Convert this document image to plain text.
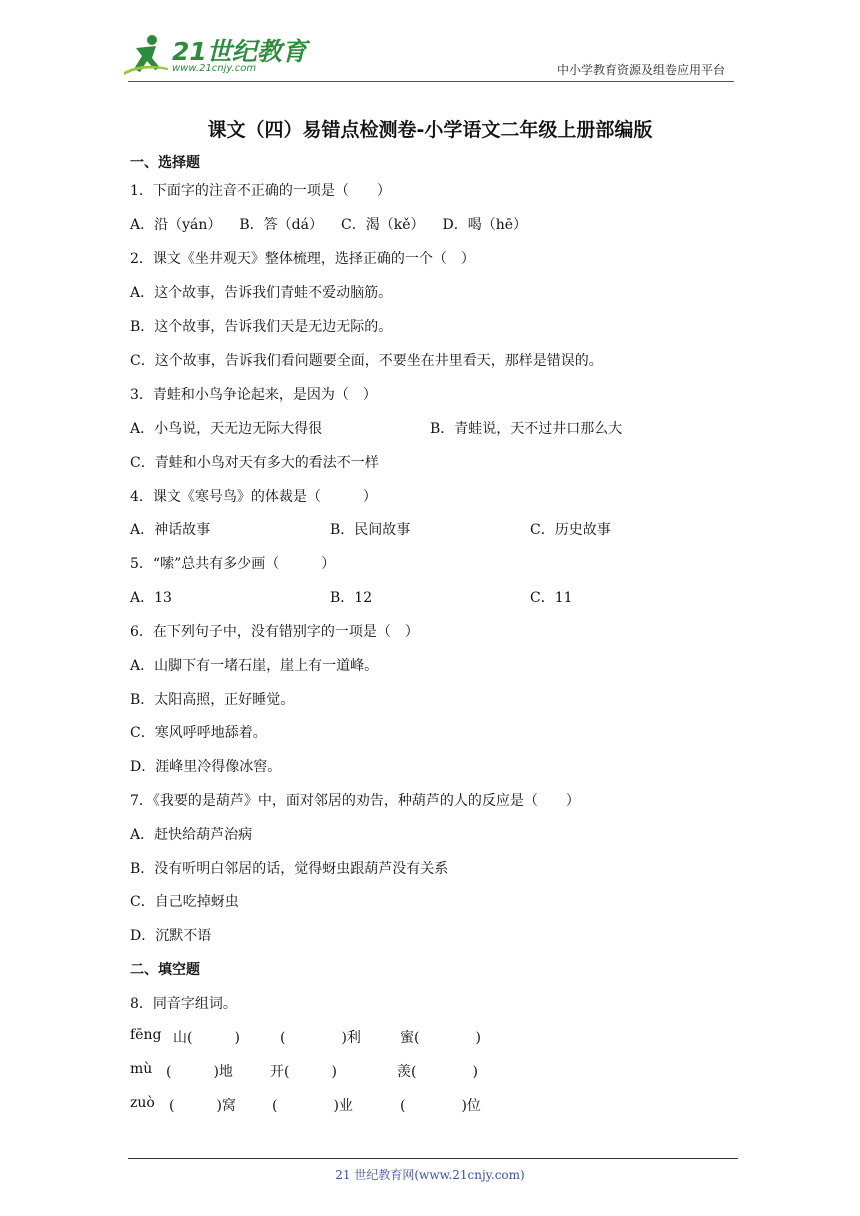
21世纪教育
www.21cnjy.com	中小学教育资源及组卷应用平台
课文（四）易错点检测卷-小学语文二年级上册部编版
一、选择题
1．下面字的注音不正确的一项是（　　）
A．沿（yán） B．答（dá） C．渴（kě） D．喝（hē）
2．课文《坐井观天》整体梳理，选择正确的一个（　）
A．这个故事，告诉我们青蛙不爱动脑筋。
B．这个故事，告诉我们天是无边无际的。
C．这个故事，告诉我们看问题要全面，不要坐在井里看天，那样是错误的。
3．青蛙和小鸟争论起来，是因为（　）
A．小鸟说，天无边无际大得很	B．青蛙说，天不过井口那么大
C．青蛙和小鸟对天有多大的看法不一样
4．课文《寒号鸟》的体裁是（　　　）
A．神话故事	B．民间故事	C．历史故事
5．“嗦”总共有多少画（　　　）
A．13	B．12	C．11
6．在下列句子中，没有错别字的一项是（　）
A．山脚下有一堵石崖，崖上有一道峰。
B．太阳高照，正好睡觉。
C．寒风呼呼地舔着。
D．涯峰里冷得像冰窖。
7．《我要的是葫芦》中，面对邻居的劝告，种葫芦的人的反应是（　　）
A．赶快给葫芦治病
B．没有听明白邻居的话，觉得蚜虫跟葫芦没有关系
C．自己吃掉蚜虫
D．沉默不语
二、填空题
8．同音字组词。
fēng 山(　　　)	(　　　　)利	蜜(　　　　)
mù (　　　)地	开(　　　)	羡(　　　　)
zuò (　　　)窝	(　　　　)业	(　　　　)位
21 世纪教育网(www.21cnjy.com)
